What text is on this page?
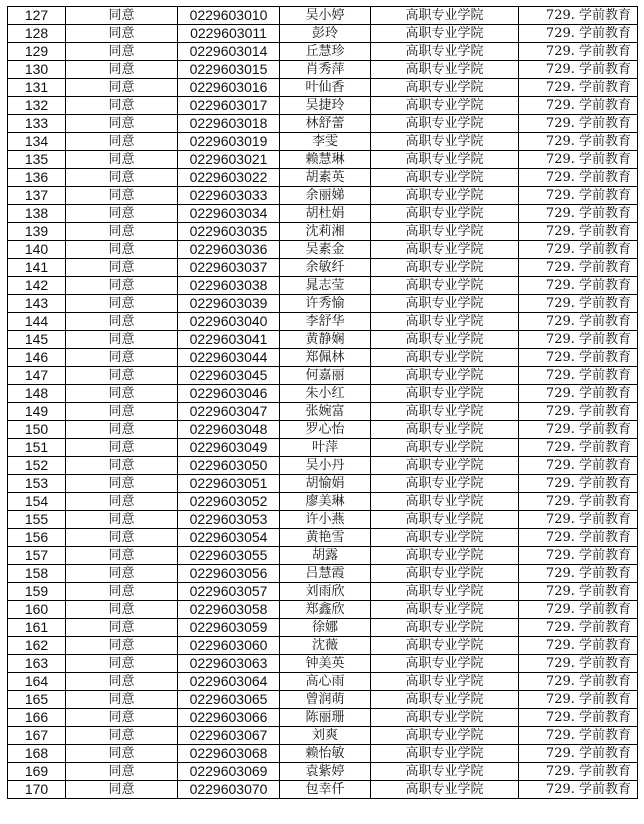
127	同意	0229603010	吴小婷	高职专业学院	729. 学前教育
128	同意	0229603011	彭玲	高职专业学院	729. 学前教育
129	同意	0229603014	丘慧珍	高职专业学院	729. 学前教育
130	同意	0229603015	肖秀萍	高职专业学院	729. 学前教育
131	同意	0229603016	叶仙香	高职专业学院	729. 学前教育
132	同意	0229603017	吴捷玲	高职专业学院	729. 学前教育
133	同意	0229603018	林舒蕾	高职专业学院	729. 学前教育
134	同意	0229603019	李雯	高职专业学院	729. 学前教育
135	同意	0229603021	赖慧琳	高职专业学院	729. 学前教育
136	同意	0229603022	胡素英	高职专业学院	729. 学前教育
137	同意	0229603033	余丽娣	高职专业学院	729. 学前教育
138	同意	0229603034	胡杜娟	高职专业学院	729. 学前教育
139	同意	0229603035	沈莉湘	高职专业学院	729. 学前教育
140	同意	0229603036	吴素金	高职专业学院	729. 学前教育
141	同意	0229603037	余敏纤	高职专业学院	729. 学前教育
142	同意	0229603038	晁志莹	高职专业学院	729. 学前教育
143	同意	0229603039	许秀愉	高职专业学院	729. 学前教育
144	同意	0229603040	李舒华	高职专业学院	729. 学前教育
145	同意	0229603041	黄静娴	高职专业学院	729. 学前教育
146	同意	0229603044	郑佩林	高职专业学院	729. 学前教育
147	同意	0229603045	何嘉丽	高职专业学院	729. 学前教育
148	同意	0229603046	朱小红	高职专业学院	729. 学前教育
149	同意	0229603047	张婉富	高职专业学院	729. 学前教育
150	同意	0229603048	罗心怡	高职专业学院	729. 学前教育
151	同意	0229603049	叶萍	高职专业学院	729. 学前教育
152	同意	0229603050	吴小丹	高职专业学院	729. 学前教育
153	同意	0229603051	胡愉娟	高职专业学院	729. 学前教育
154	同意	0229603052	廖美琳	高职专业学院	729. 学前教育
155	同意	0229603053	许小燕	高职专业学院	729. 学前教育
156	同意	0229603054	黄艳雪	高职专业学院	729. 学前教育
157	同意	0229603055	胡露	高职专业学院	729. 学前教育
158	同意	0229603056	吕慧霞	高职专业学院	729. 学前教育
159	同意	0229603057	刘雨欣	高职专业学院	729. 学前教育
160	同意	0229603058	郑鑫欣	高职专业学院	729. 学前教育
161	同意	0229603059	徐娜	高职专业学院	729. 学前教育
162	同意	0229603060	沈薇	高职专业学院	729. 学前教育
163	同意	0229603063	钟美英	高职专业学院	729. 学前教育
164	同意	0229603064	高心雨	高职专业学院	729. 学前教育
165	同意	0229603065	曾润萌	高职专业学院	729. 学前教育
166	同意	0229603066	陈丽珊	高职专业学院	729. 学前教育
167	同意	0229603067	刘爽	高职专业学院	729. 学前教育
168	同意	0229603068	赖怡敏	高职专业学院	729. 学前教育
169	同意	0229603069	袁紫婷	高职专业学院	729. 学前教育
170	同意	0229603070	包幸仟	高职专业学院	729. 学前教育
